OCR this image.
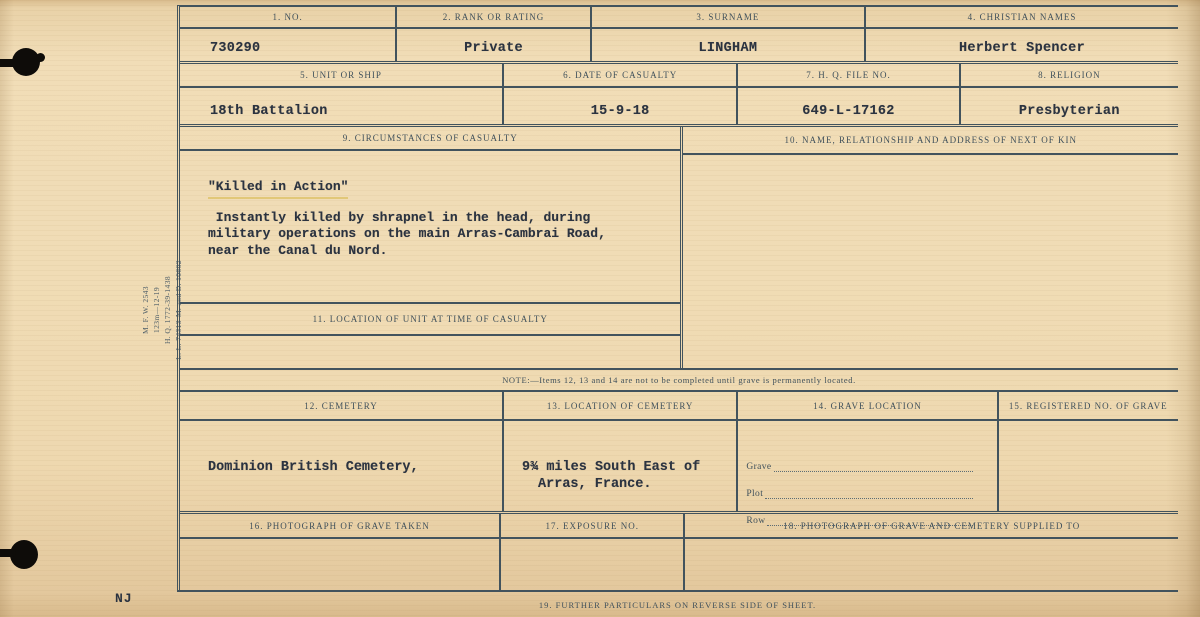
M. F. W. 2543 123m—12-19 H. Q. 1772-39-1438 L. L. 74313-M. and D. 10602
NJ
1. NO.
730290
2. RANK OR RATING
Private
3. SURNAME
LINGHAM
4. CHRISTIAN NAMES
Herbert Spencer
5. UNIT OR SHIP
18th Battalion
6. DATE OF CASUALTY
15-9-18
7. H. Q. FILE NO.
649-L-17162
8. RELIGION
Presbyterian
9. CIRCUMSTANCES OF CASUALTY
"Killed in Action"
Instantly killed by shrapnel in the head, during
military operations on the main Arras-Cambrai Road,
near the Canal du Nord.
11. LOCATION OF UNIT AT TIME OF CASUALTY
10. NAME, RELATIONSHIP AND ADDRESS OF NEXT OF KIN
NOTE:—Items 12, 13 and 14 are not to be completed until grave is permanently located.
12. CEMETERY
Dominion British Cemetery,
13. LOCATION OF CEMETERY
9¾ miles South East of
Arras, France.
14. GRAVE LOCATION
Grave
Plot
Row
15. REGISTERED NO. OF GRAVE
16. PHOTOGRAPH OF GRAVE TAKEN	17. EXPOSURE NO.	18. PHOTOGRAPH OF GRAVE AND CEMETERY SUPPLIED TO
19. FURTHER PARTICULARS ON REVERSE SIDE OF SHEET.
